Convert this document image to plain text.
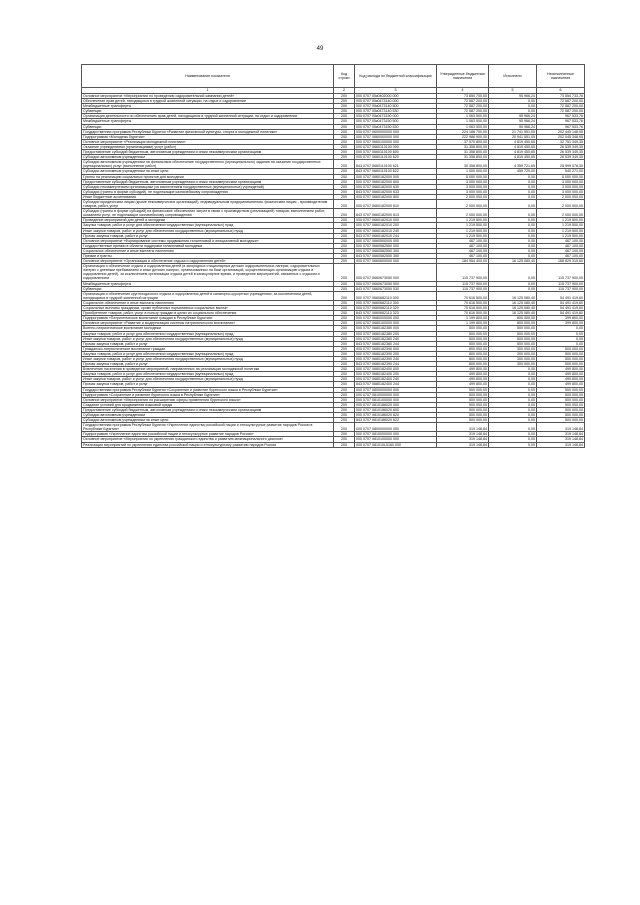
49
Наименование показателя	Код строки	Код расхода по бюджетной классификации	Утвержденные бюджетные назначения	Исполнено	Неисполненные назначения
1	2	3	4	5	6
Основное мероприятие «Мероприятия по проведению оздоровительной кампании детей»	200	000 0707 05к0402000 000	73 650 700,00	95 966,24	73 554 733,76
Обеспечение прав детей, находящихся в трудной жизненной ситуации, на отдых и оздоровление	200	000 0707 05к0473140 000	72 587 200,00	0,00	72 587 200,00
Межбюджетные трансферты	200	000 0707 05к0473140 500	72 587 200,00	0,00	72 587 200,00
Субвенции	200	000 0707 05к0473140 530	72 587 200,00	0,00	72 587 200,00
Организация деятельности по обеспечению прав детей, находящихся в трудной жизненной ситуации, на отдых и оздоровление	200	000 0707 05к0473150 000	1 063 500,00	95 966,24	967 533,76
Межбюджетные трансферты	200	000 0707 05к0473150 500	1 063 500,00	95 966,24	967 533,76
Субвенции	200	000 0707 05к0473150 530	1 063 500,00	95 966,24	967 533,76
Государственная программа Республики Бурятия «Развитие физической культуры, спорта и молодежной политики»	200	000 0707 0600000000 000	224 186 700,00	21 741 551,05	202 445 148,95
Подпрограмма «Молодежь Бурятии»	200	000 0707 0660000000 000	222 986 900,00	20 941 551,05	202 045 348,95
Основное мероприятие «Реализация молодежной политики»	200	000 0707 0660100000 000	37 570 800,00	4 819 450,65	32 751 349,35
Оказание учреждениями (организациями) услуг (работ)	200	000 0707 0660110100 000	31 358 800,00	4 819 450,65	26 539 349,35
Предоставление субсидий бюджетным, автономным учреждениям и иным некоммерческим организациям	200	000 0707 0660110100 600	31 358 800,00	4 819 450,65	26 539 349,35
Субсидии автономным учреждениям	200	000 0707 0660110100 620	31 358 800,00	4 819 450,65	26 539 349,35
Субсидии автономным учреждениям на финансовое обеспечение государственного (муниципального) задания на оказание государственных (муниципальных) услуг (выполнение работ)	200	843 0707 0660110100 621	30 358 800,00	4 359 721,65	25 999 078,35
Субсидии автономным учреждениям на иные цели	200	843 0707 0660110100 622	1 000 000,00	459 729,00	540 271,00
Гранты на реализацию социальных проектов для молодежи	200	000 0707 0660182000 000	5 000 000,00	0,00	5 000 000,00
Предоставление субсидий бюджетным, автономным учреждениям и иным некоммерческим организациям	200	000 0707 0660182000 600	3 000 000,00	0,00	3 000 000,00
Субсидии некоммерческим организациям (за исключением государственных (муниципальных) учреждений)	200	000 0707 0660182000 630	3 000 000,00	0,00	3 000 000,00
Субсидии (гранты в форме субсидий), не подлежащие казначейскому сопровождению	200	843 0707 0660182000 633	3 000 000,00	0,00	3 000 000,00
Иные бюджетные ассигнования	200	000 0707 0660182000 800	2 000 000,00	0,00	2 000 000,00
Субсидии юридическим лицам (кроме некоммерческих организаций), индивидуальным предпринимателям, физическим лицам - производителям товаров, работ, услуг	200	000 0707 0660182000 810	2 000 000,00	0,00	2 000 000,00
Субсидии (гранты в форме субсидий) на финансовое обеспечение затрат в связи с производством (реализацией) товаров, выполнением работ, оказанием услуг, не подлежащие казначейскому сопровождению	200	843 0707 0660182000 813	2 000 000,00	0,00	2 000 000,00
Проведение мероприятий для детей и молодежи	200	000 0707 0660182010 000	1 219 500,00	0,00	1 219 500,00
Закупка товаров, работ и услуг для обеспечения государственных (муниципальных) нужд	200	000 0707 0660182010 200	1 219 500,00	0,00	1 219 500,00
Иные закупки товаров, работ и услуг для обеспечения государственных (муниципальных) нужд	200	000 0707 0660182010 240	1 219 500,00	0,00	1 219 500,00
Прочая закупка товаров, работ и услуг	200	843 0707 0660182010 244	1 219 500,00	0,00	1 219 500,00
Основное мероприятие «Формирование системы продвижения талантливой и инициативной молодежи»	200	000 0707 0660500000 000	467 100,00	0,00	467 100,00
Государственные премии в области поддержки талантливой молодежи	200	000 0707 0660582550 000	467 100,00	0,00	467 100,00
Социальное обеспечение и иные выплаты населению	200	000 0707 0660582550 300	467 100,00	0,00	467 100,00
Премии и гранты	200	843 0707 0660582550 350	467 100,00	0,00	467 100,00
Основное мероприятие «Организация и обеспечение отдыха и оздоровления детей»	200	000 0707 0660600000 000	184 954 400,00	16 125 080,40	168 829 319,60
Организация и обеспечение отдыха и оздоровления детей (в загородных стационарных детских оздоровительных лагерях, оздоровительных лагерях с дневным пребыванием и иных детских лагерях, организованных на базе организаций, осуществляющих организацию отдыха и оздоровления детей), за исключением организации отдыха детей в каникулярное время, и проведение мероприятий, связанных с отдыхом и оздоровлением	200	000 0707 0660673050 000	115 737 900,00	0,00	115 737 900,00
Межбюджетные трансферты	200	000 0707 0660673050 500	115 737 900,00	0,00	115 737 900,00
Субвенции	200	843 0707 0660673050 530	115 737 900,00	0,00	115 737 900,00
Организация и обеспечение круглогодичного отдыха и оздоровления детей в санаторно-курортных учреждениях, за исключением детей, находящихся в трудной жизненной ситуации	200	000 0707 0660682110 000	70 616 500,00	16 125 080,40	54 491 419,60
Социальное обеспечение и иные выплаты населению	200	000 0707 0660682110 300	70 616 500,00	16 125 080,40	54 491 419,60
Социальные выплаты гражданам, кроме публичных нормативных социальных выплат	200	000 0707 0660682110 320	70 616 500,00	16 125 080,40	54 491 419,60
Приобретение товаров, работ, услуг в пользу граждан в целях их социального обеспечения	200	843 0707 0660682110 323	70 616 500,00	16 125 080,40	54 491 419,60
Подпрограмма «Патриотическое воспитание граждан в Республике Бурятия»	200	000 0707 0680000000 000	1 199 800,00	800 000,00	399 800,00
Основное мероприятие «Развитие и модернизация системы патриотического воспитания»	200	000 0707 0680100000 000	1 199 800,00	800 000,00	399 800,00
Военно-патриотическое воспитание молодежи	200	000 0707 0680182380 000	500 000,00	500 000,00	0,00
Закупка товаров, работ и услуг для обеспечения государственных (муниципальных) нужд	200	000 0707 0680182380 200	500 000,00	500 000,00	0,00
Иные закупки товаров, работ и услуг для обеспечения государственных (муниципальных) нужд	200	000 0707 0680182380 240	500 000,00	500 000,00	0,00
Прочая закупка товаров, работ и услуг	200	843 0707 0680182380 244	500 000,00	500 000,00	0,00
Гражданско-патриотическое воспитание граждан	200	000 0707 0680182390 000	800 000,00	300 000,00	500 000,00
Закупка товаров, работ и услуг для обеспечения государственных (муниципальных) нужд	200	000 0707 0680182390 200	800 000,00	300 000,00	500 000,00
Иные закупки товаров, работ и услуг для обеспечения государственных (муниципальных) нужд	200	000 0707 0680182390 240	800 000,00	300 000,00	500 000,00
Прочая закупка товаров, работ и услуг	200	843 0707 0680182390 244	800 000,00	300 000,00	500 000,00
Вовлечение населения в проведение мероприятий, направленных на реализацию молодежной политики	200	000 0707 0680182400 000	499 800,00	0,00	499 800,00
Закупка товаров, работ и услуг для обеспечения государственных (муниципальных) нужд	200	000 0707 0680182400 200	499 800,00	0,00	499 800,00
Иные закупки товаров, работ и услуг для обеспечения государственных (муниципальных) нужд	200	000 0707 0680182400 240	499 800,00	0,00	499 800,00
Прочая закупка товаров, работ и услуг	200	843 0707 0680182400 244	499 800,00	0,00	499 800,00
Государственная программа Республики Бурятия «Сохранение и развитие бурятского языка в Республике Бурятия»	200	000 0707 0800000000 000	500 000,00	0,00	500 000,00
Подпрограмма «Сохранение и развитие бурятского языка в Республике Бурятия»	200	000 0707 0810000000 000	500 000,00	0,00	500 000,00
Основное мероприятие «Мероприятия по расширению сферы применения бурятского языка»	200	000 0707 0810100000 000	500 000,00	0,00	500 000,00
Создание условий для продвижения языковой среды	200	000 0707 0810186020 000	500 000,00	0,00	500 000,00
Предоставление субсидий бюджетным, автономным учреждениям и иным некоммерческим организациям	200	000 0707 0810186020 600	500 000,00	0,00	500 000,00
Субсидии автономным учреждениям	200	000 0707 0810186020 620	500 000,00	0,00	500 000,00
Субсидии автономным учреждениям на иные цели	200	843 0707 0810186020 622	500 000,00	0,00	500 000,00
Государственная программа Республики Бурятия «Укрепление единства российской нации и этнокультурное развитие народов России в Республике Бурятия»	200	000 0707 0800000000 000	319 148,84	0,00	319 148,84
Подпрограмма «Укрепление единства российской нации и этнокультурное развитие народов России»	200	000 0707 0810000000 000	319 148,84	0,00	319 148,84
Основное мероприятие «Мероприятия по укреплению гражданского единства и развитию межнационального диалога»	200	000 0707 0810100000 000	319 148,84	0,00	319 148,84
Реализация мероприятий по укреплению единства российской нации и этнокультурному развитию народов России	200	000 0707 081010L5160 000	319 148,84	0,00	319 148,84
